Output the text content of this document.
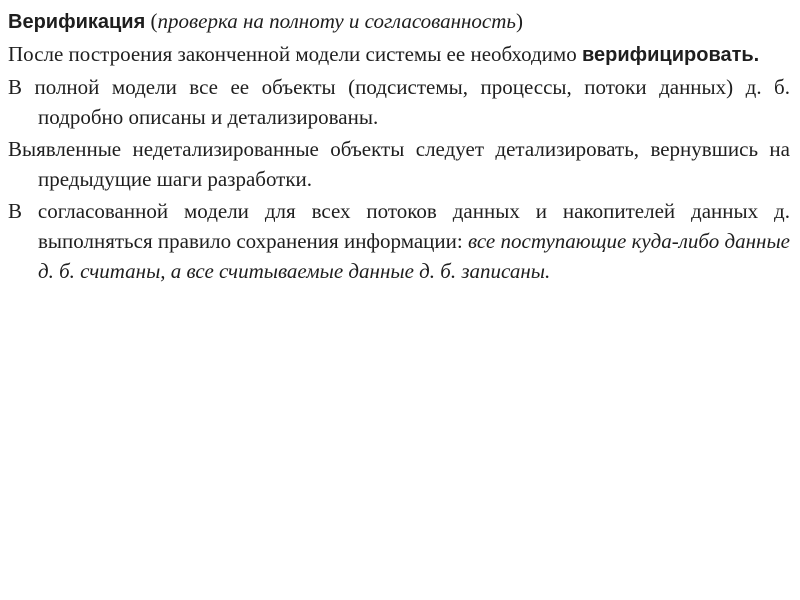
Верификация (проверка на полноту и согласованность)

После построения законченной модели системы ее необходимо верифицировать.

В полной модели все ее объекты (подсистемы, процессы, потоки данных) д. б. подробно описаны и детализированы.

Выявленные недетализированные объекты следует детализировать, вернувшись на предыдущие шаги разработки.

В согласованной модели для всех потоков данных и накопителей данных д. выполняться правило сохранения информации: все поступающие куда-либо данные д. б. считаны, а все считываемые данные д. б. записаны.
